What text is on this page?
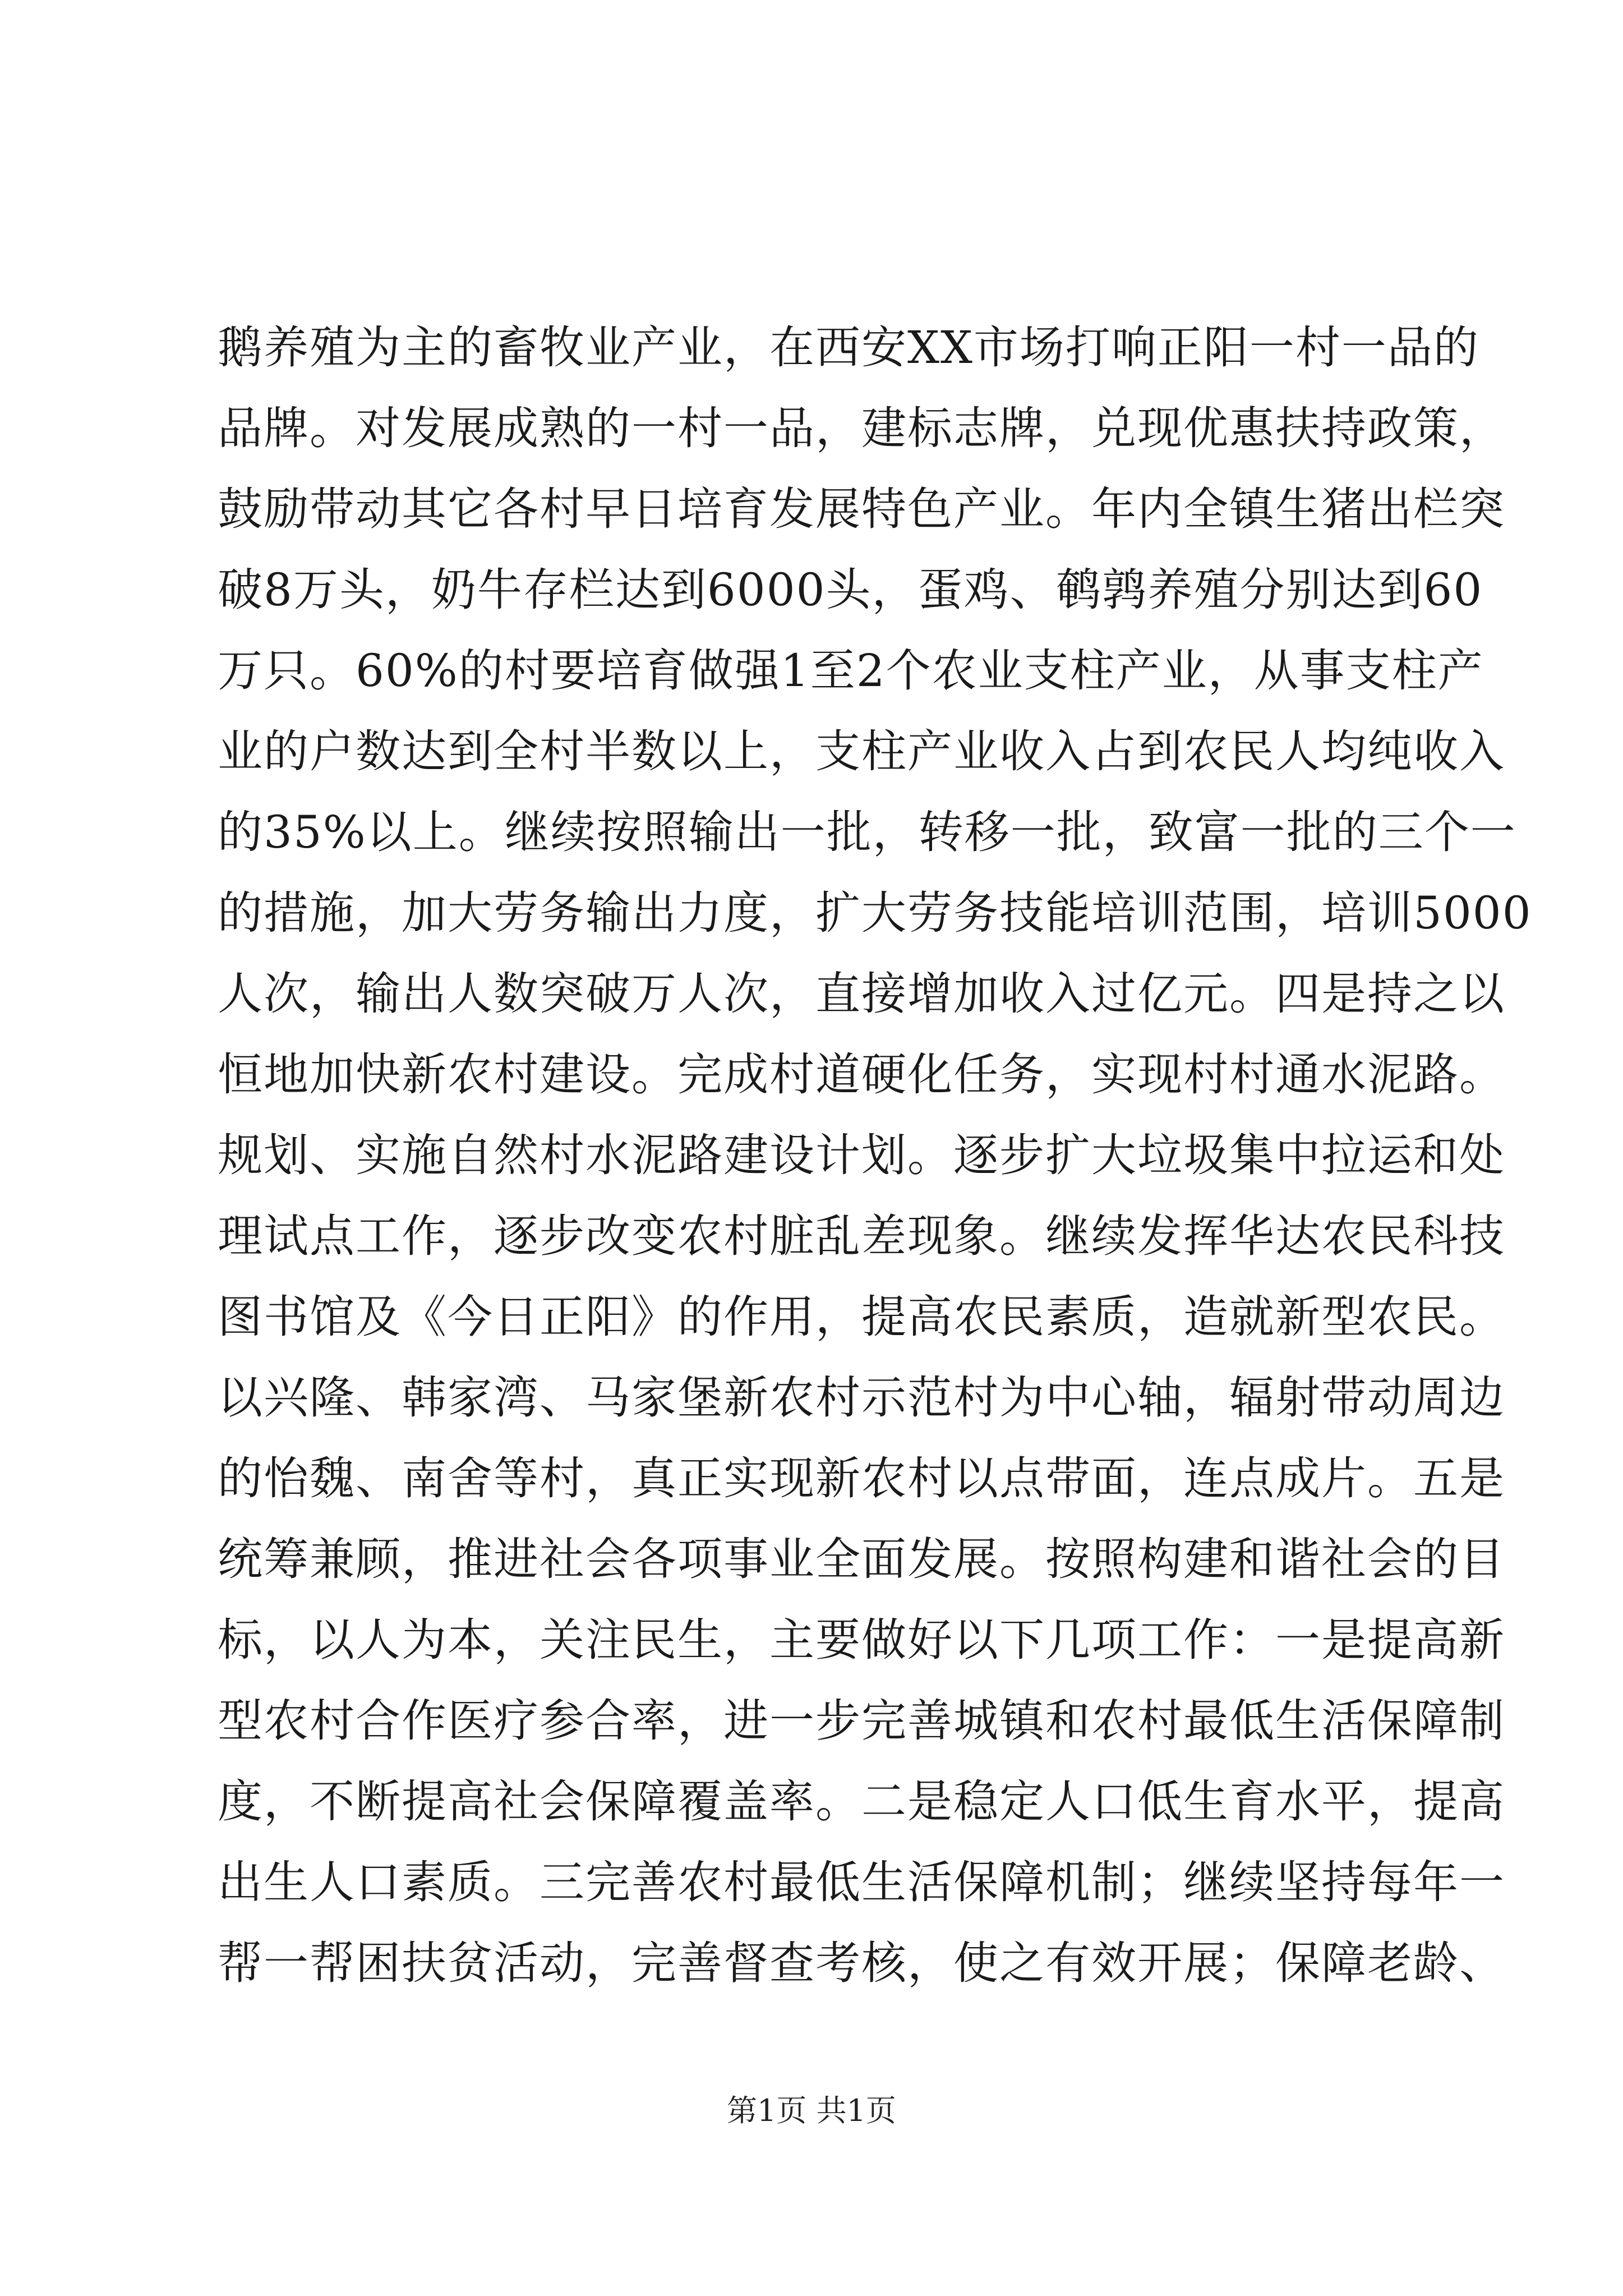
鹅养殖为主的畜牧业产业，在西安XX市场打响正阳一村一品的
品牌。对发展成熟的一村一品，建标志牌，兑现优惠扶持政策，
鼓励带动其它各村早日培育发展特色产业。年内全镇生猪出栏突
破8万头，奶牛存栏达到6000头，蛋鸡、鹌鹑养殖分别达到60
万只。60%的村要培育做强1至2个农业支柱产业，从事支柱产
业的户数达到全村半数以上，支柱产业收入占到农民人均纯收入
的35%以上。继续按照输出一批，转移一批，致富一批的三个一
的措施，加大劳务输出力度，扩大劳务技能培训范围，培训5000
人次，输出人数突破万人次，直接增加收入过亿元。四是持之以
恒地加快新农村建设。完成村道硬化任务，实现村村通水泥路。
规划、实施自然村水泥路建设计划。逐步扩大垃圾集中拉运和处
理试点工作，逐步改变农村脏乱差现象。继续发挥华达农民科技
图书馆及《今日正阳》的作用，提高农民素质，造就新型农民。
以兴隆、韩家湾、马家堡新农村示范村为中心轴，辐射带动周边
的怡魏、南舍等村，真正实现新农村以点带面，连点成片。五是
统筹兼顾，推进社会各项事业全面发展。按照构建和谐社会的目
标，以人为本，关注民生，主要做好以下几项工作：一是提高新
型农村合作医疗参合率，进一步完善城镇和农村最低生活保障制
度，不断提高社会保障覆盖率。二是稳定人口低生育水平，提高
出生人口素质。三完善农村最低生活保障机制；继续坚持每年一
帮一帮困扶贫活动，完善督查考核，使之有效开展；保障老龄、
第1页 共1页
